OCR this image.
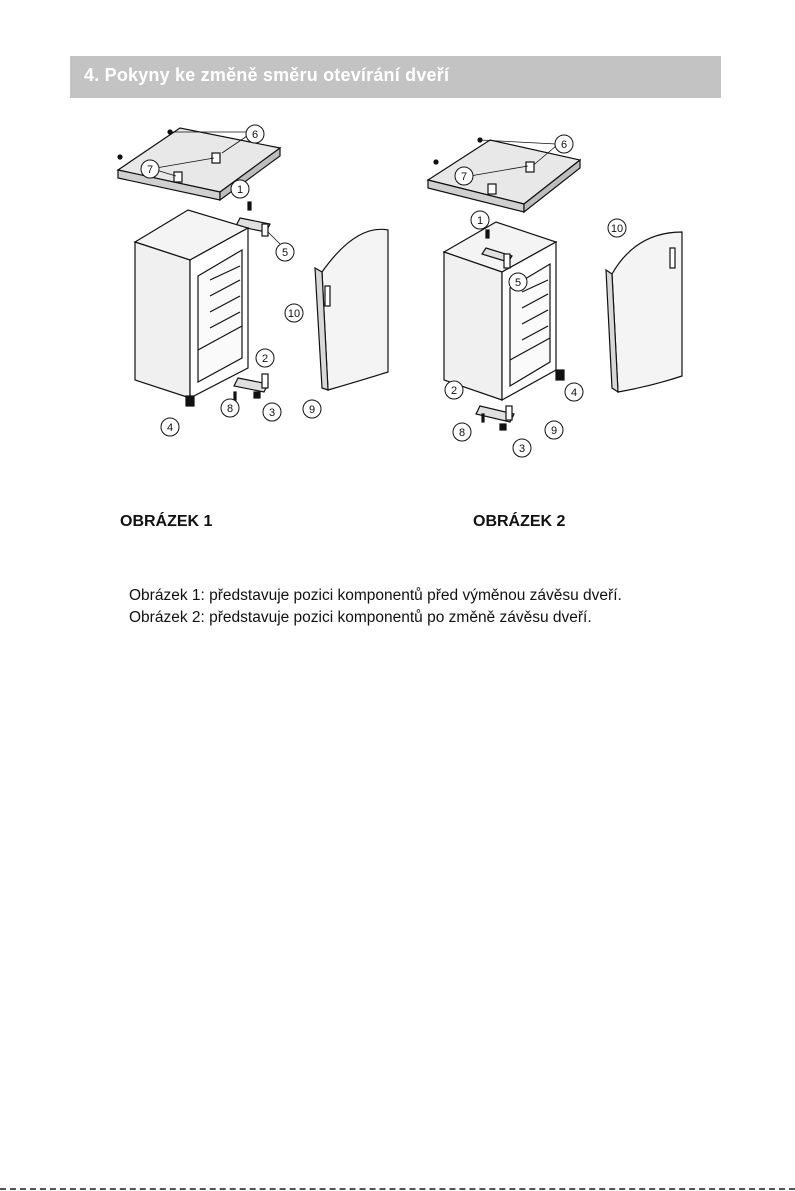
4. Pokyny ke změně směru otevírání dveří
6
7
1
5
10
2
8	3	9
4
6
7
1
10
5
2	4
8	9
3
OBRÁZEK 1	OBRÁZEK 2
Obrázek 1: představuje pozici komponentů před výměnou závěsu dveří.
Obrázek 2: představuje pozici komponentů po změně závěsu dveří.
